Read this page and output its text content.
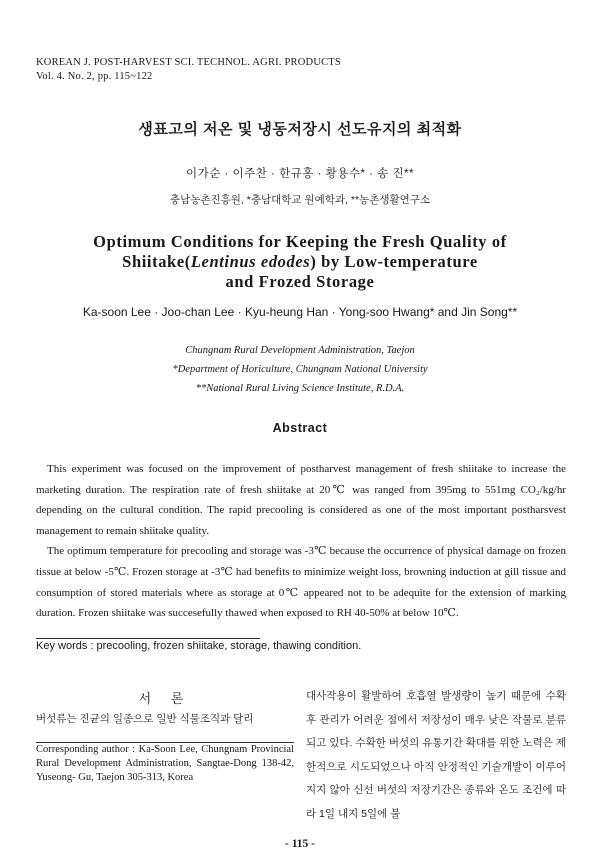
KOREAN J. POST-HARVEST SCI. TECHNOL. AGRI. PRODUCTS
Vol. 4. No. 2, pp. 115~122
생표고의 저온 및 냉동저장시 선도유지의 최적화
이가순 · 이주찬 · 한규홍 · 황용수* · 송 진**
충남농촌진흥원, *충남대학교 원예학과, **농촌생활연구소
Optimum Conditions for Keeping the Fresh Quality of
Shiitake(Lentinus edodes) by Low-temperature
and Frozed Storage
Ka-soon Lee · Joo-chan Lee · Kyu-heung Han · Yong-soo Hwang* and Jin Song**
Chungnam Rural Development Administration, Taejon
*Department of Horiculture, Chungnam National University
**National Rural Living Science Institute, R.D.A.
Abstract

This experiment was focused on the improvement of postharvest management of fresh shiitake to increase the marketing duration. The respiration rate of fresh shiitake at 20℃ was ranged from 395mg to 551mg CO₂/kg/hr depending on the cultural condition. The rapid precooling is considered as one of the most important postharsvest management to remain shiitake quality.

The optimum temperature for precooling and storage was -3℃ because the occurrence of physical damage on frozen tissue at below -5℃. Frozen storage at -3℃ had benefits to minimize weight loss, browning induction at gill tissue and consumption of stored materials where as storage at 0℃ appeared not to be adequite for the extension of marking duration. Frozen shiitake was succesefully thawed when exposed to RH 40-50% at below 10℃.

Key words : precooling, frozen shiitake, storage, thawing condition.
서 론
버섯류는 진균의 일종으로 일반 식물조직과 달리
Corresponding author : Ka-Soon Lee, Chungnam Provincial Rural Development Administration, Sangtae-Dong 138-42, Yuseong- Gu, Taejon 305-313, Korea
대사작용이 활발하여 호흡열 발생량이 높기 때문에 수확 후 관리가 어려운 점에서 저장성이 매우 낮은 작물로 분류되고 있다. 수확한 버섯의 유통기간 확대를 위한 노력은 제한적으로 시도되었으나 아직 안정적인 기술개발이 이루어지지 않아 신선 버섯의 저장기간은 종류와 온도 조건에 따라 1일 내지 5일에 불
- 115 -
